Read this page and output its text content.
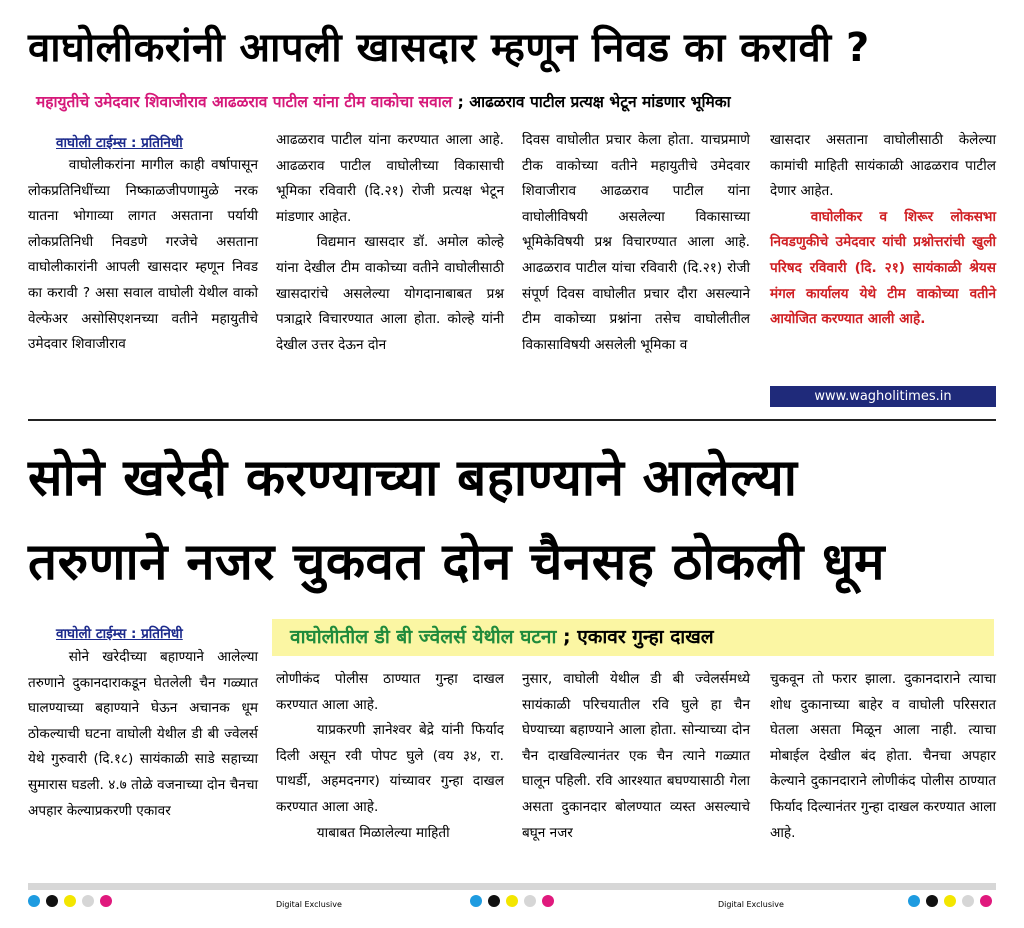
वाघोलीकरांनी आपली खासदार म्हणून निवड का करावी ?
महायुतीचे उमेदवार शिवाजीराव आढळराव पाटील यांना टीम वाकोचा सवाल ; आढळराव पाटील प्रत्यक्ष भेटून मांडणार भूमिका
वाघोली टाईम्स : प्रतिनिधी

वाघोलीकरांना मागील काही वर्षापासून लोकप्रतिनिधींच्या निष्काळजीपणामुळे नरक यातना भोगाव्या लागत असताना पर्यायी लोकप्रतिनिधी निवडणे गरजेचे असताना वाघोलीकारांनी आपली खासदार म्हणून निवड का करावी ? असा सवाल वाघोली येथील वाको वेल्फेअर असोसिएशनच्या वतीने महायुतीचे उमेदवार शिवाजीराव

आढळराव पाटील यांना करण्यात आला आहे. आढळराव पाटील वाघोलीच्या विकासाची भूमिका रविवारी (दि.२१) रोजी प्रत्यक्ष भेटून मांडणार आहेत.

विद्यमान खासदार डॉ. अमोल कोल्हे यांना देखील टीम वाकोच्या वतीने वाघोलीसाठी खासदारांचे असलेल्या योगदानाबाबत प्रश्न पत्राद्वारे विचारण्यात आला होता. कोल्हे यांनी देखील उत्तर देऊन दोन

दिवस वाघोलीत प्रचार केला होता. याचप्रमाणे टीक वाकोच्या वतीने महायुतीचे उमेदवार शिवाजीराव आढळराव पाटील यांना वाघोलीविषयी असलेल्या विकासाच्या भूमिकेविषयी प्रश्न विचारण्यात आला आहे. आढळराव पाटील यांचा रविवारी (दि.२१) रोजी संपूर्ण दिवस वाघोलीत प्रचार दौरा असल्याने टीम वाकोच्या प्रश्नांना तसेच वाघोलीतील विकासाविषयी असलेली भूमिका व

खासदार असताना वाघोलीसाठी केलेल्या कामांची माहिती सायंकाळी आढळराव पाटील देणार आहेत.

वाघोलीकर व शिरूर लोकसभा निवडणुकीचे उमेदवार यांची प्रश्नोत्तरांची खुली परिषद रविवारी (दि. २१) सायंकाळी श्रेयस मंगल कार्यालय येथे टीम वाकोच्या वतीने आयोजित करण्यात आली आहे.

www.wagholitimes.in
सोने खरेदी करण्याच्या बहाण्याने आलेल्या
तरुणाने नजर चुकवत दोन चैनसह ठोकली धूम
वाघोली टाईम्स : प्रतिनिधी	वाघोलीतील डी बी ज्वेलर्स येथील घटना ; एकावर गुन्हा दाखल

सोने खरेदीच्या बहाण्याने आलेल्या तरुणाने दुकानदाराकडून घेतलेली चैन गळ्यात घालण्याच्या बहाण्याने घेऊन अचानक धूम ठोकल्याची घटना वाघोली येथील डी बी ज्वेलर्स येथे गुरुवारी (दि.१८) सायंकाळी साडे सहाच्या सुमारास घडली. ४.७ तोळे वजनाच्या दोन चैनचा अपहार केल्याप्रकरणी एकावर

लोणीकंद पोलीस ठाण्यात गुन्हा दाखल करण्यात आला आहे.

याप्रकरणी ज्ञानेश्वर बेद्रे यांनी फिर्याद दिली असून रवी पोपट घुले (वय ३४, रा. पाथर्डी, अहमदनगर) यांच्यावर गुन्हा दाखल करण्यात आला आहे.

याबाबत मिळालेल्या माहिती

नुसार, वाघोली येथील डी बी ज्वेलर्समध्ये सायंकाळी परिचयातील रवि घुले हा चैन घेण्याच्या बहाण्याने आला होता. सोन्याच्या दोन चैन दाखविल्यानंतर एक चैन त्याने गळ्यात घालून पहिली. रवि आरश्यात बघण्यासाठी गेला असता दुकानदार बोलण्यात व्यस्त असल्याचे बघून नजर

चुकवून तो फरार झाला. दुकानदाराने त्याचा शोध दुकानाच्या बाहेर व वाघोली परिसरात घेतला असता मिळून आला नाही. त्याचा मोबाईल देखील बंद होता. चैनचा अपहार केल्याने दुकानदाराने लोणीकंद पोलीस ठाण्यात फिर्याद दिल्यानंतर गुन्हा दाखल करण्यात आला आहे.

Digital Exclusive	Digital Exclusive
